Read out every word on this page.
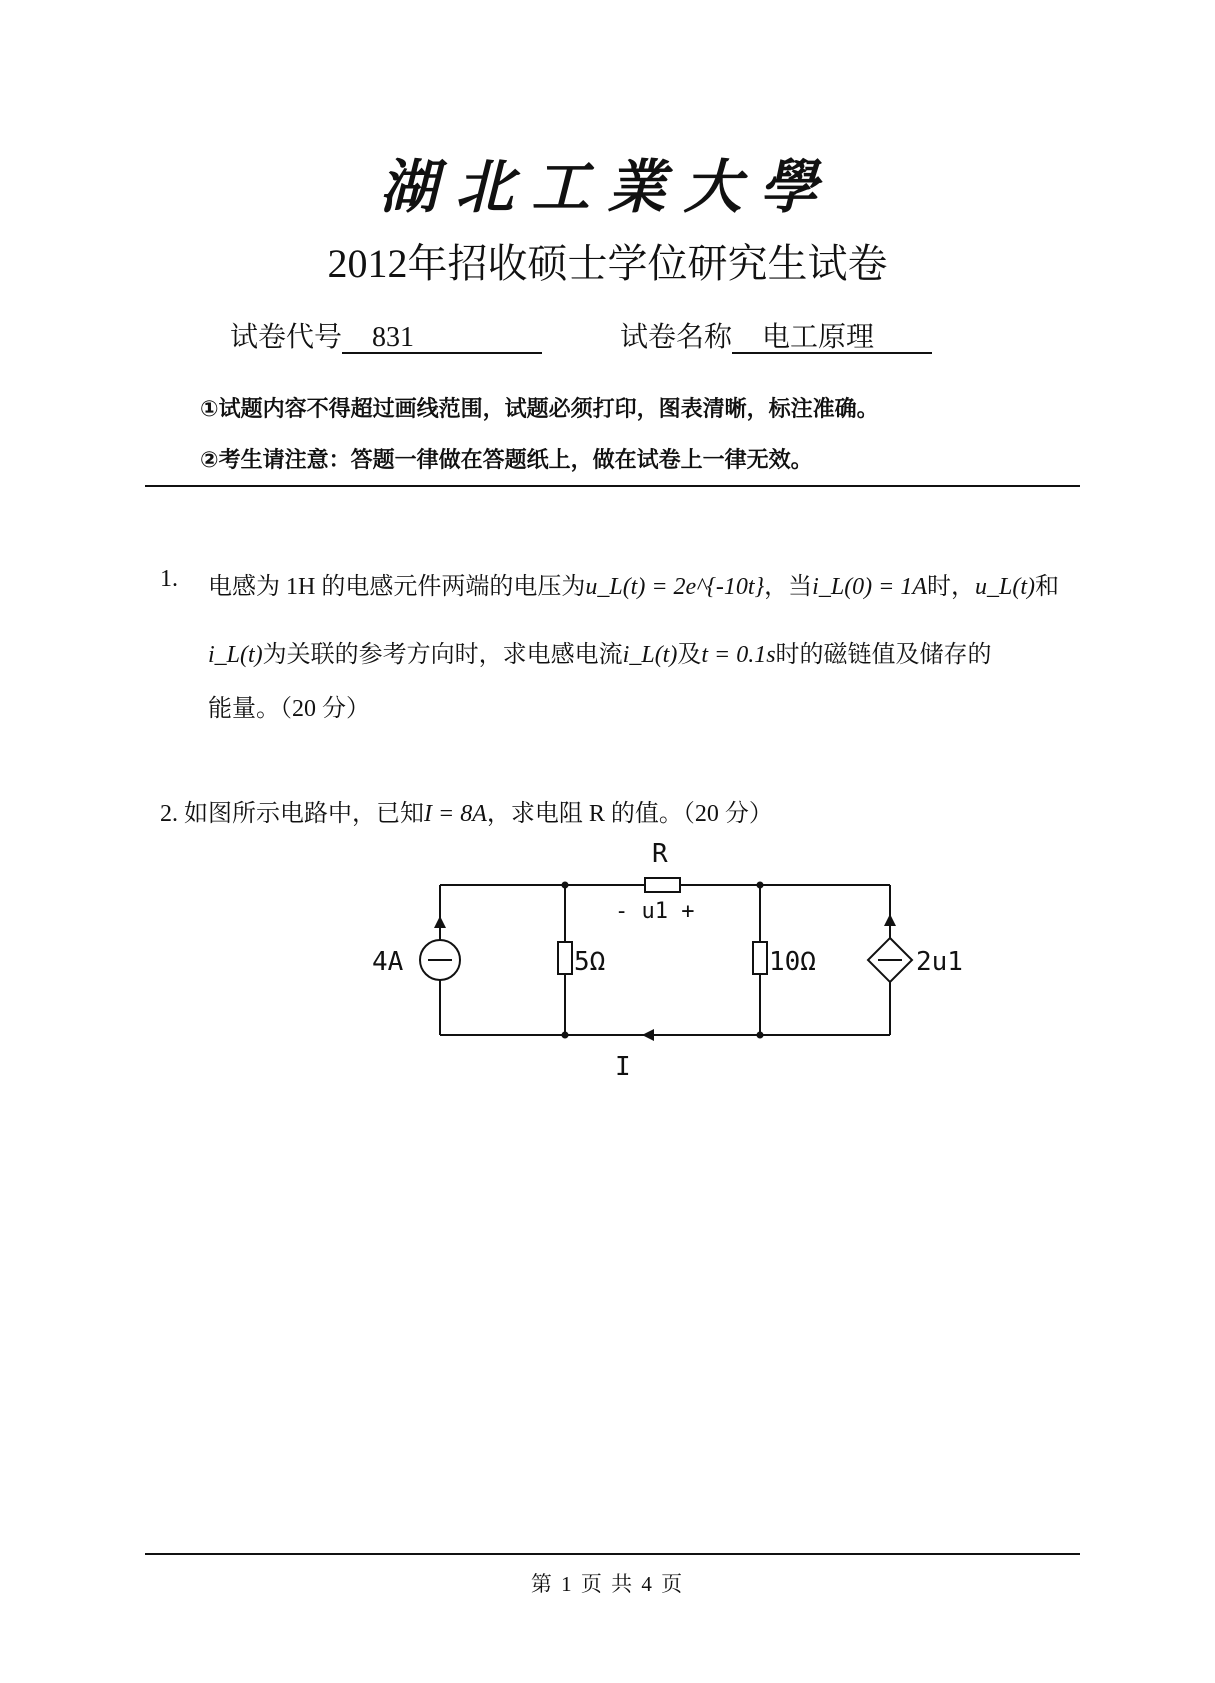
湖北工業大學
2012年招收硕士学位研究生试卷
试卷代号 831	试卷名称 电工原理
①试题内容不得超过画线范围，试题必须打印，图表清晰，标注准确。
②考生请注意：答题一律做在答题纸上，做在试卷上一律无效。
1. 电感为 1H 的电感元件两端的电压为u_L(t) = 2e^{-10t}，当i_L(0) = 1A时，u_L(t)和
i_L(t)为关联的参考方向时，求电感电流i_L(t)及t = 0.1s时的磁链值及储存的
能量。（20 分）
2. 如图所示电路中，已知I = 8A，求电阻 R 的值。（20 分）
R
- u1 +
4A	5Ω	10Ω	2u1
I
第 1 页 共 4 页
